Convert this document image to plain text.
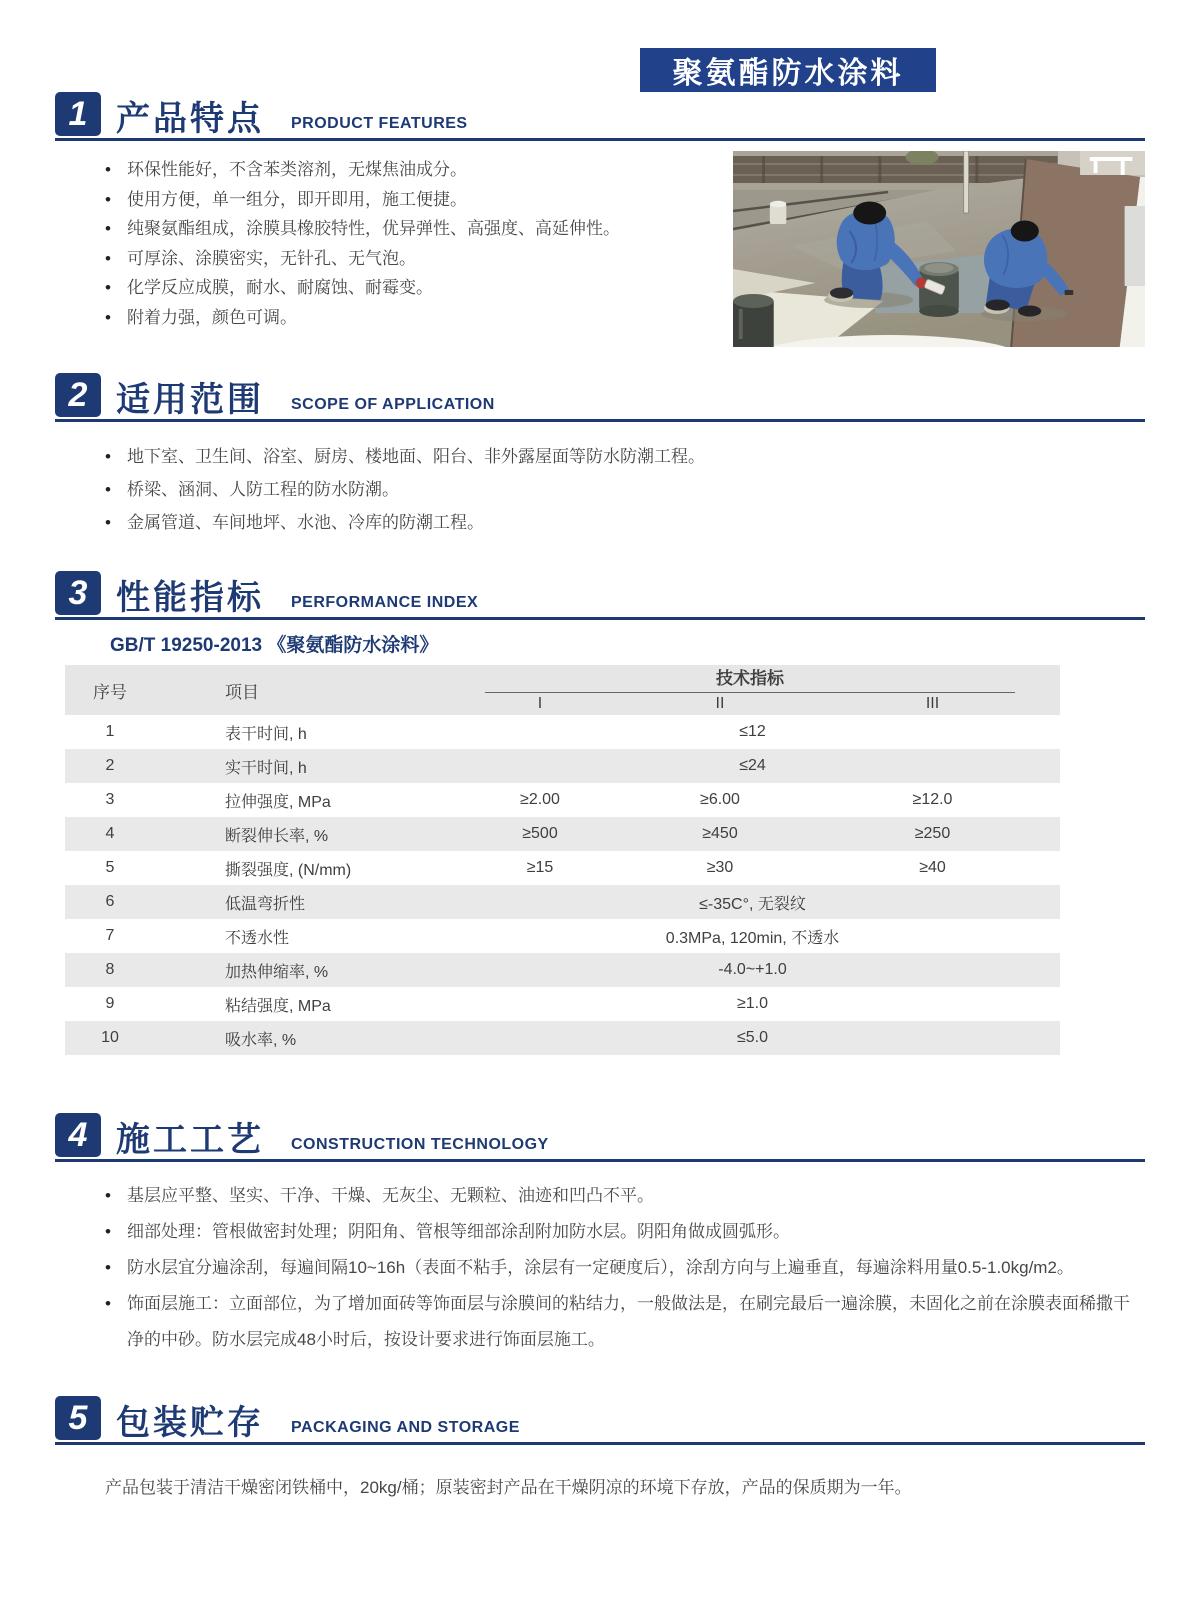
聚氨酯防水涂料
1 产品特点 PRODUCT FEATURES
• 环保性能好，不含苯类溶剂，无煤焦油成分。
• 使用方便，单一组分，即开即用，施工便捷。
• 纯聚氨酯组成，涂膜具橡胶特性，优异弹性、高强度、高延伸性。
• 可厚涂、涂膜密实，无针孔、无气泡。
• 化学反应成膜，耐水、耐腐蚀、耐霉变。
• 附着力强，颜色可调。
2 适用范围 SCOPE OF APPLICATION
• 地下室、卫生间、浴室、厨房、楼地面、阳台、非外露屋面等防水防潮工程。
• 桥梁、涵洞、人防工程的防水防潮。
• 金属管道、车间地坪、水池、冷库的防潮工程。
3 性能指标 PERFORMANCE INDEX
GB/T 19250-2013 《聚氨酯防水涂料》
序号	项目
技术指标
I	II	III
1	表干时间, h	≤12
2	实干时间, h	≤24
3	拉伸强度, MPa	≥2.00	≥6.00	≥12.0
4	断裂伸长率, %	≥500	≥450	≥250
5	撕裂强度, (N/mm)	≥15	≥30	≥40
6	低温弯折性	≤-35C°, 无裂纹
7	不透水性	0.3MPa, 120min, 不透水
8	加热伸缩率, %	-4.0~+1.0
9	粘结强度, MPa	≥1.0
10	吸水率, %	≤5.0
4 施工工艺 CONSTRUCTION TECHNOLOGY
• 基层应平整、坚实、干净、干燥、无灰尘、无颗粒、油迹和凹凸不平。
• 细部处理：管根做密封处理；阴阳角、管根等细部涂刮附加防水层。阴阳角做成圆弧形。
• 防水层宜分遍涂刮，每遍间隔10~16h（表面不粘手，涂层有一定硬度后），涂刮方向与上遍垂直，每遍涂料用量0.5-1.0kg/m2。
• 饰面层施工：立面部位，为了增加面砖等饰面层与涂膜间的粘结力，一般做法是，在刷完最后一遍涂膜，未固化之前在涂膜表面稀撒干净的中砂。防水层完成48小时后，按设计要求进行饰面层施工。
5 包装贮存 PACKAGING AND STORAGE
产品包装于清洁干燥密闭铁桶中，20kg/桶；原装密封产品在干燥阴凉的环境下存放，产品的保质期为一年。
